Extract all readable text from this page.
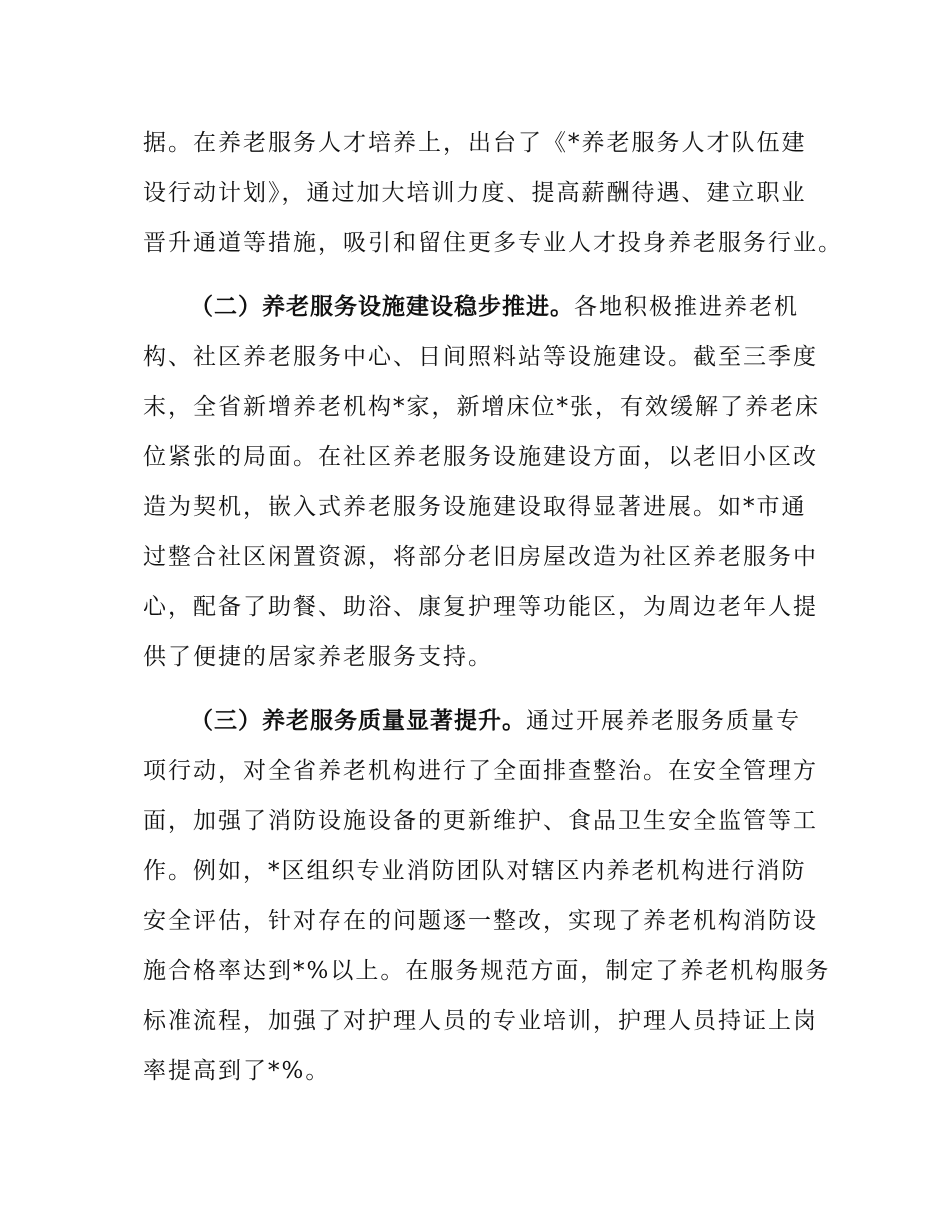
据。在养老服务人才培养上，出台了《*养老服务人才队伍建
设行动计划》，通过加大培训力度、提高薪酬待遇、建立职业
晋升通道等措施，吸引和留住更多专业人才投身养老服务行业。
（二）养老服务设施建设稳步推进。各地积极推进养老机
构、社区养老服务中心、日间照料站等设施建设。截至三季度
末，全省新增养老机构*家，新增床位*张，有效缓解了养老床
位紧张的局面。在社区养老服务设施建设方面，以老旧小区改
造为契机，嵌入式养老服务设施建设取得显著进展。如*市通
过整合社区闲置资源，将部分老旧房屋改造为社区养老服务中
心，配备了助餐、助浴、康复护理等功能区，为周边老年人提
供了便捷的居家养老服务支持。
（三）养老服务质量显著提升。通过开展养老服务质量专
项行动，对全省养老机构进行了全面排查整治。在安全管理方
面，加强了消防设施设备的更新维护、食品卫生安全监管等工
作。例如，*区组织专业消防团队对辖区内养老机构进行消防
安全评估，针对存在的问题逐一整改，实现了养老机构消防设
施合格率达到*%以上。在服务规范方面，制定了养老机构服务
标准流程，加强了对护理人员的专业培训，护理人员持证上岗
率提高到了*%。
